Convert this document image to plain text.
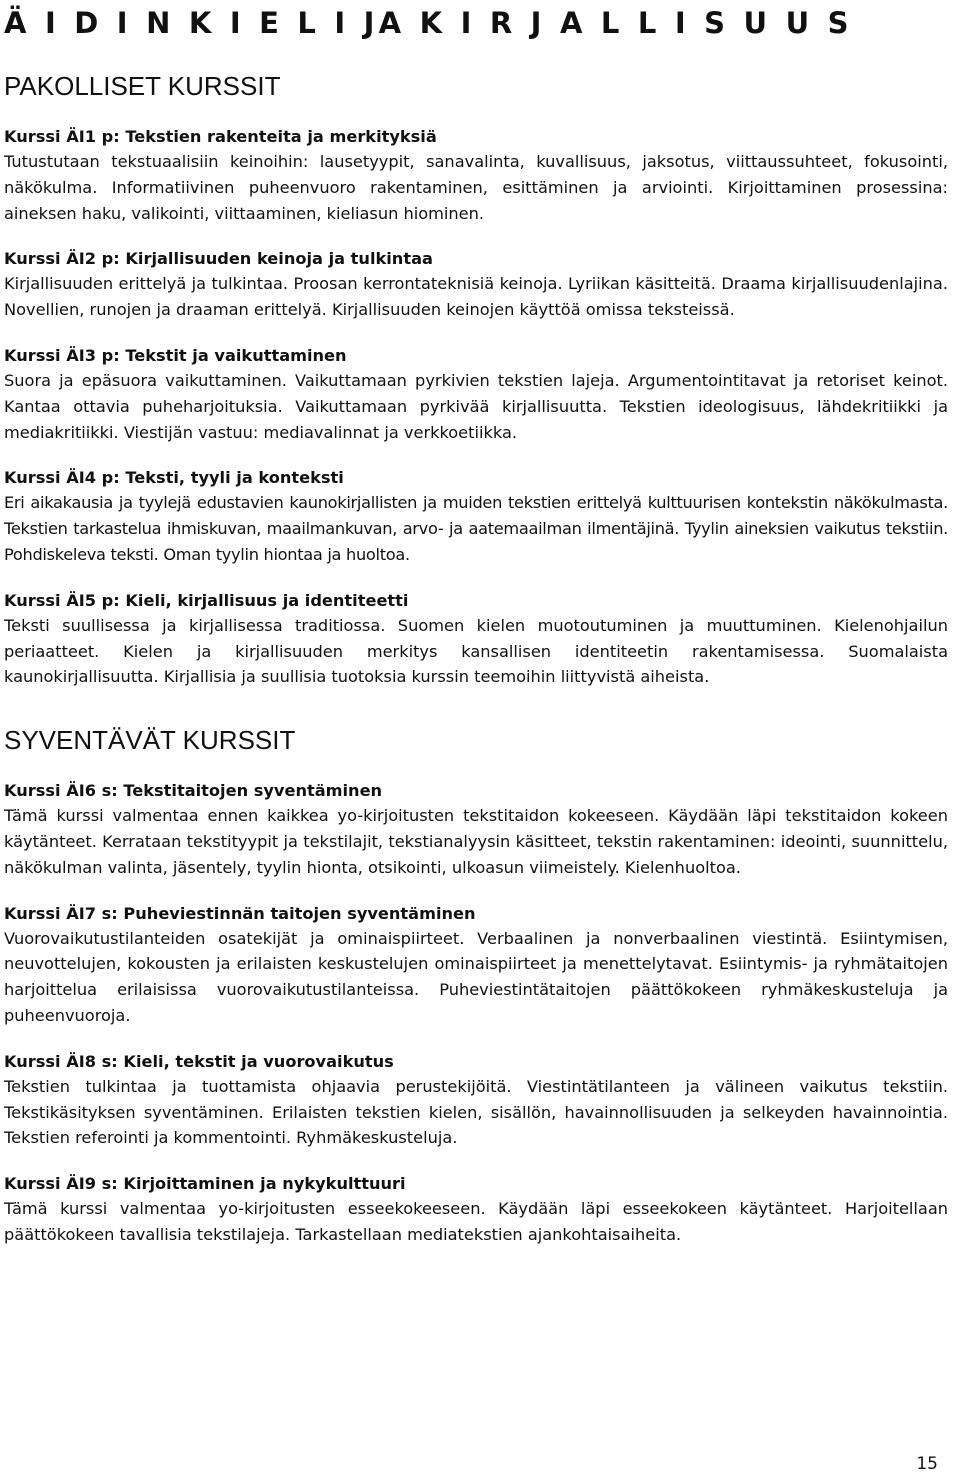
Ä I D I N K I E L I JA K I R J A L L I S U U S
PAKOLLISET KURSSIT

Kurssi ÄI1 p: Tekstien rakenteita ja merkityksiä

Tutustutaan tekstuaalisiin keinoihin: lausetyypit, sanavalinta, kuvallisuus, jaksotus, viittaussuhteet, fokusointi, näkökulma. Informatiivinen puheenvuoro rakentaminen, esittäminen ja arviointi. Kirjoittaminen prosessina: aineksen haku, valikointi, viittaaminen, kieliasun hiominen.

Kurssi ÄI2 p: Kirjallisuuden keinoja ja tulkintaa

Kirjallisuuden erittelyä ja tulkintaa. Proosan kerrontateknisiä keinoja. Lyriikan käsitteitä. Draama kirjallisuudenlajina. Novellien, runojen ja draaman erittelyä. Kirjallisuuden keinojen käyttöä omissa teksteissä.

Kurssi ÄI3 p: Tekstit ja vaikuttaminen

Suora ja epäsuora vaikuttaminen. Vaikuttamaan pyrkivien tekstien lajeja. Argumentointitavat ja retoriset keinot. Kantaa ottavia puheharjoituksia. Vaikuttamaan pyrkivää kirjallisuutta. Tekstien ideologisuus, lähdekritiikki ja mediakritiikki. Viestijän vastuu: mediavalinnat ja verkkoetiikka.

Kurssi ÄI4 p: Teksti, tyyli ja konteksti

Eri aikakausia ja tyylejä edustavien kaunokirjallisten ja muiden tekstien erittelyä kulttuurisen kontekstin näkökulmasta. Tekstien tarkastelua ihmiskuvan, maailmankuvan, arvo- ja aatemaailman ilmentäjinä. Tyylin aineksien vaikutus tekstiin. Pohdiskeleva teksti. Oman tyylin hiontaa ja huoltoa.

Kurssi ÄI5 p: Kieli, kirjallisuus ja identiteetti

Teksti suullisessa ja kirjallisessa traditiossa. Suomen kielen muotoutuminen ja muuttuminen. Kielenohjailun periaatteet. Kielen ja kirjallisuuden merkitys kansallisen identiteetin rakentamisessa. Suomalaista kaunokirjallisuutta. Kirjallisia ja suullisia tuotoksia kurssin teemoihin liittyvistä aiheista.

SYVENTÄVÄT KURSSIT

Kurssi ÄI6 s: Tekstitaitojen syventäminen

Tämä kurssi valmentaa ennen kaikkea yo-kirjoitusten tekstitaidon kokeeseen. Käydään läpi tekstitaidon kokeen käytänteet. Kerrataan tekstityypit ja tekstilajit, tekstianalyysin käsitteet, tekstin rakentaminen: ideointi, suunnittelu, näkökulman valinta, jäsentely, tyylin hionta, otsikointi, ulkoasun viimeistely. Kielenhuoltoa.

Kurssi ÄI7 s: Puheviestinnän taitojen syventäminen

Vuorovaikutustilanteiden osatekijät ja ominaispiirteet. Verbaalinen ja nonverbaalinen viestintä. Esiintymisen, neuvottelujen, kokousten ja erilaisten keskustelujen ominaispiirteet ja menettelytavat. Esiintymis- ja ryhmätaitojen harjoittelua erilaisissa vuorovaikutustilanteissa. Puheviestintätaitojen päättökokeen ryhmäkeskusteluja ja puheenvuoroja.

Kurssi ÄI8 s: Kieli, tekstit ja vuorovaikutus

Tekstien tulkintaa ja tuottamista ohjaavia perustekijöitä. Viestintätilanteen ja välineen vaikutus tekstiin. Tekstikäsityksen syventäminen. Erilaisten tekstien kielen, sisällön, havainnollisuuden ja selkeyden havainnointia. Tekstien referointi ja kommentointi. Ryhmäkeskusteluja.

Kurssi ÄI9 s: Kirjoittaminen ja nykykulttuuri

Tämä kurssi valmentaa yo-kirjoitusten esseekokeeseen. Käydään läpi esseekokeen käytänteet. Harjoitellaan päättökokeen tavallisia tekstilajeja. Tarkastellaan mediatekstien ajankohtaisaiheita.

15
